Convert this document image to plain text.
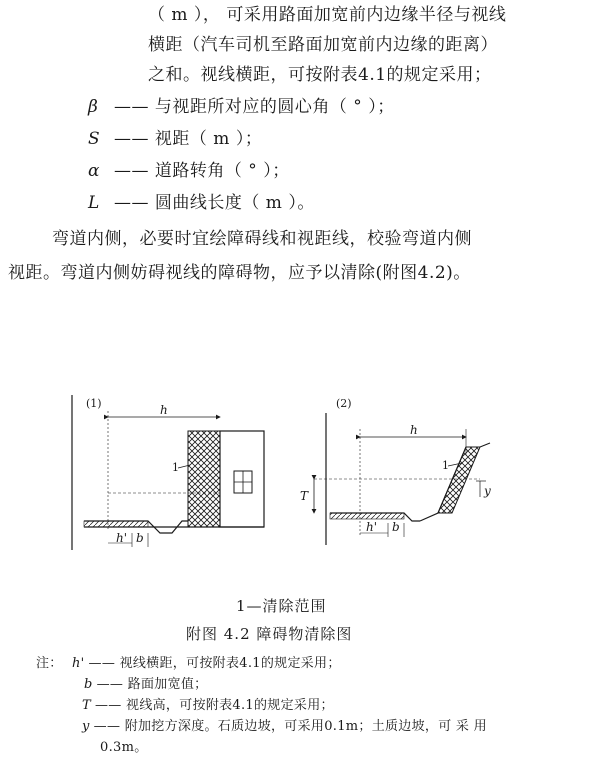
（ m ）， 可采用路面加宽前内边缘半径与视线
横距（汽车司机至路面加宽前内边缘的距离）
之和。视线横距，可按附表4.1的规定采用；
β —— 与视距所对应的圆心角（ ° ）；
S —— 视距（ m ）；
α —— 道路转角（ ° ）；
L —— 圆曲线长度（ m ）。
弯道内侧，必要时宜绘障碍线和视距线，校验弯道内侧
视距。弯道内侧妨碍视线的障碍物，应予以清除(附图4.2)。
(1)	h
1
h' b
(2)
h
1
y
T
h' b
1—清除范围
附图 4.2 障碍物清除图
注： h' —— 视线横距，可按附表4.1的规定采用；
b —— 路面加宽值；
T —— 视线高，可按附表4.1的规定采用；
y —— 附加挖方深度。石质边坡，可采用0.1m；土质边坡，可 采 用
0.3m。
